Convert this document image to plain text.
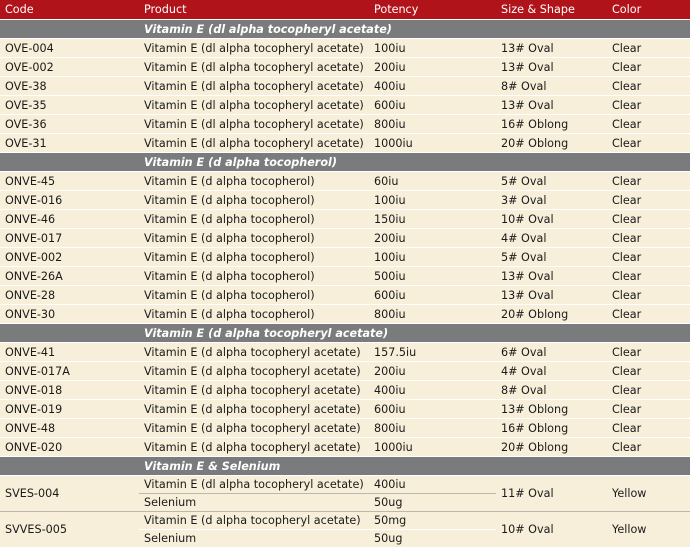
Code	Product	Potency	Size & Shape	Color
	Vitamin E (dl alpha tocopheryl acetate)			
OVE-004	Vitamin E (dl alpha tocopheryl acetate)	100iu	13# Oval	Clear
OVE-002	Vitamin E (dl alpha tocopheryl acetate)	200iu	13# Oval	Clear
OVE-38	Vitamin E (dl alpha tocopheryl acetate)	400iu	8# Oval	Clear
OVE-35	Vitamin E (dl alpha tocopheryl acetate)	600iu	13# Oval	Clear
OVE-36	Vitamin E (dl alpha tocopheryl acetate)	800iu	16# Oblong	Clear
OVE-31	Vitamin E (dl alpha tocopheryl acetate)	1000iu	20# Oblong	Clear
	Vitamin E (d alpha tocopherol)			
ONVE-45	Vitamin E (d alpha tocopherol)	60iu	5# Oval	Clear
ONVE-016	Vitamin E (d alpha tocopherol)	100iu	3# Oval	Clear
ONVE-46	Vitamin E (d alpha tocopherol)	150iu	10# Oval	Clear
ONVE-017	Vitamin E (d alpha tocopherol)	200iu	4# Oval	Clear
ONVE-002	Vitamin E (d alpha tocopherol)	100iu	5# Oval	Clear
ONVE-26A	Vitamin E (d alpha tocopherol)	500iu	13# Oval	Clear
ONVE-28	Vitamin E (d alpha tocopherol)	600iu	13# Oval	Clear
ONVE-30	Vitamin E (d alpha tocopherol)	800iu	20# Oblong	Clear
	Vitamin E (d alpha tocopheryl acetate)			
ONVE-41	Vitamin E (d alpha tocopheryl acetate)	157.5iu	6# Oval	Clear
ONVE-017A	Vitamin E (d alpha tocopheryl acetate)	200iu	4# Oval	Clear
ONVE-018	Vitamin E (d alpha tocopheryl acetate)	400iu	8# Oval	Clear
ONVE-019	Vitamin E (d alpha tocopheryl acetate)	600iu	13# Oblong	Clear
ONVE-48	Vitamin E (d alpha tocopheryl acetate)	800iu	16# Oblong	Clear
ONVE-020	Vitamin E (d alpha tocopheryl acetate)	1000iu	20# Oblong	Clear
	Vitamin E & Selenium			
SVES-004	Vitamin E (dl alpha tocopheryl acetate)	400iu	11# Oval	Yellow
	Selenium	50ug		
SVVES-005	Vitamin E (d alpha tocopheryl acetate)	50mg	10# Oval	Yellow
	Selenium	50ug		
